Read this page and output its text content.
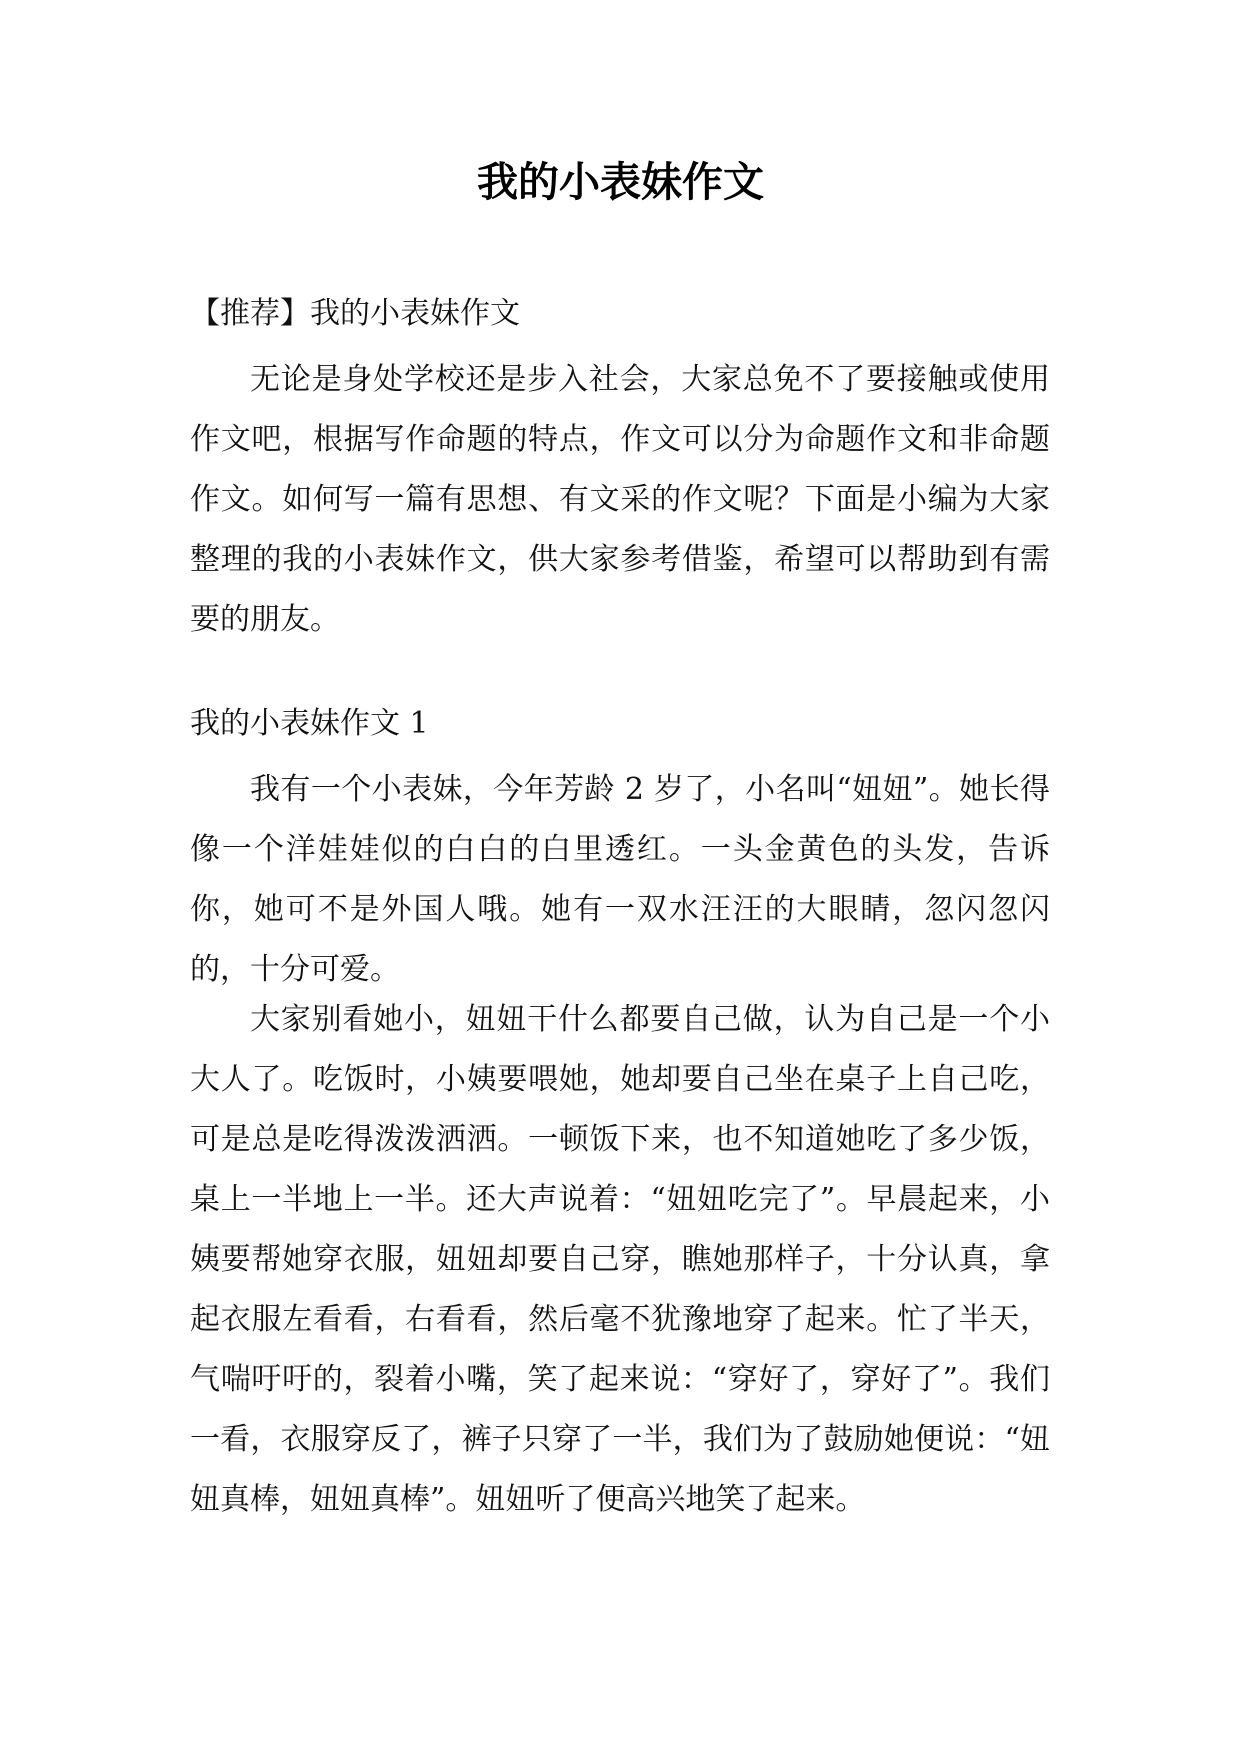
我的小表妹作文

【推荐】我的小表妹作文

无论是身处学校还是步入社会，大家总免不了要接触或使用作文吧，根据写作命题的特点，作文可以分为命题作文和非命题作文。如何写一篇有思想、有文采的作文呢？下面是小编为大家整理的我的小表妹作文，供大家参考借鉴，希望可以帮助到有需要的朋友。

我的小表妹作文 1

我有一个小表妹，今年芳龄 2 岁了，小名叫“妞妞”。她长得像一个洋娃娃似的白白的白里透红。一头金黄色的头发，告诉你，她可不是外国人哦。她有一双水汪汪的大眼睛，忽闪忽闪的，十分可爱。

大家别看她小，妞妞干什么都要自己做，认为自己是一个小大人了。吃饭时，小姨要喂她，她却要自己坐在桌子上自己吃，可是总是吃得泼泼洒洒。一顿饭下来，也不知道她吃了多少饭，桌上一半地上一半。还大声说着：“妞妞吃完了”。早晨起来，小姨要帮她穿衣服，妞妞却要自己穿，瞧她那样子，十分认真，拿起衣服左看看，右看看，然后毫不犹豫地穿了起来。忙了半天，气喘吁吁的，裂着小嘴，笑了起来说：“穿好了，穿好了”。我们一看，衣服穿反了，裤子只穿了一半，我们为了鼓励她便说：“妞妞真棒，妞妞真棒”。妞妞听了便高兴地笑了起来。
